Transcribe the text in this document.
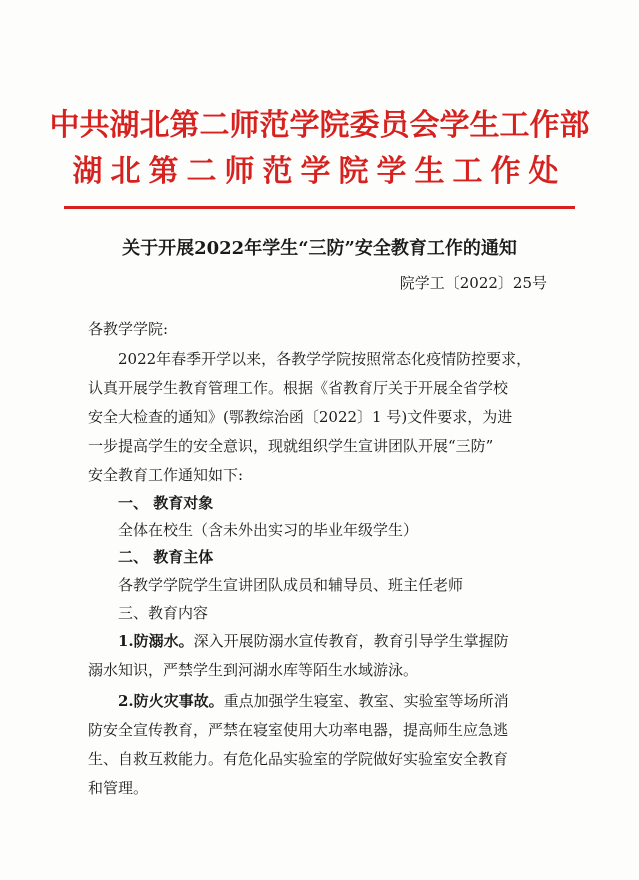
中共湖北第二师范学院委员会学生工作部
湖北第二师范学院学生工作处
关于开展2022年学生“三防”安全教育工作的通知
院学工〔2022〕25号
各教学学院:
2022年春季开学以来，各教学学院按照常态化疫情防控要求，
认真开展学生教育管理工作。根据《省教育厅关于开展全省学校
安全大检查的通知》(鄂教综治函〔2022〕1 号)文件要求，为进
一步提高学生的安全意识，现就组织学生宣讲团队开展“三防”
安全教育工作通知如下:
一、 教育对象
全体在校生（含未外出实习的毕业年级学生）
二、 教育主体
各教学学院学生宣讲团队成员和辅导员、班主任老师
三、教育内容
1.防溺水。深入开展防溺水宣传教育，教育引导学生掌握防
溺水知识，严禁学生到河湖水库等陌生水域游泳。
2.防火灾事故。重点加强学生寝室、教室、实验室等场所消
防安全宣传教育，严禁在寝室使用大功率电器，提高师生应急逃
生、自救互救能力。有危化品实验室的学院做好实验室安全教育
和管理。
